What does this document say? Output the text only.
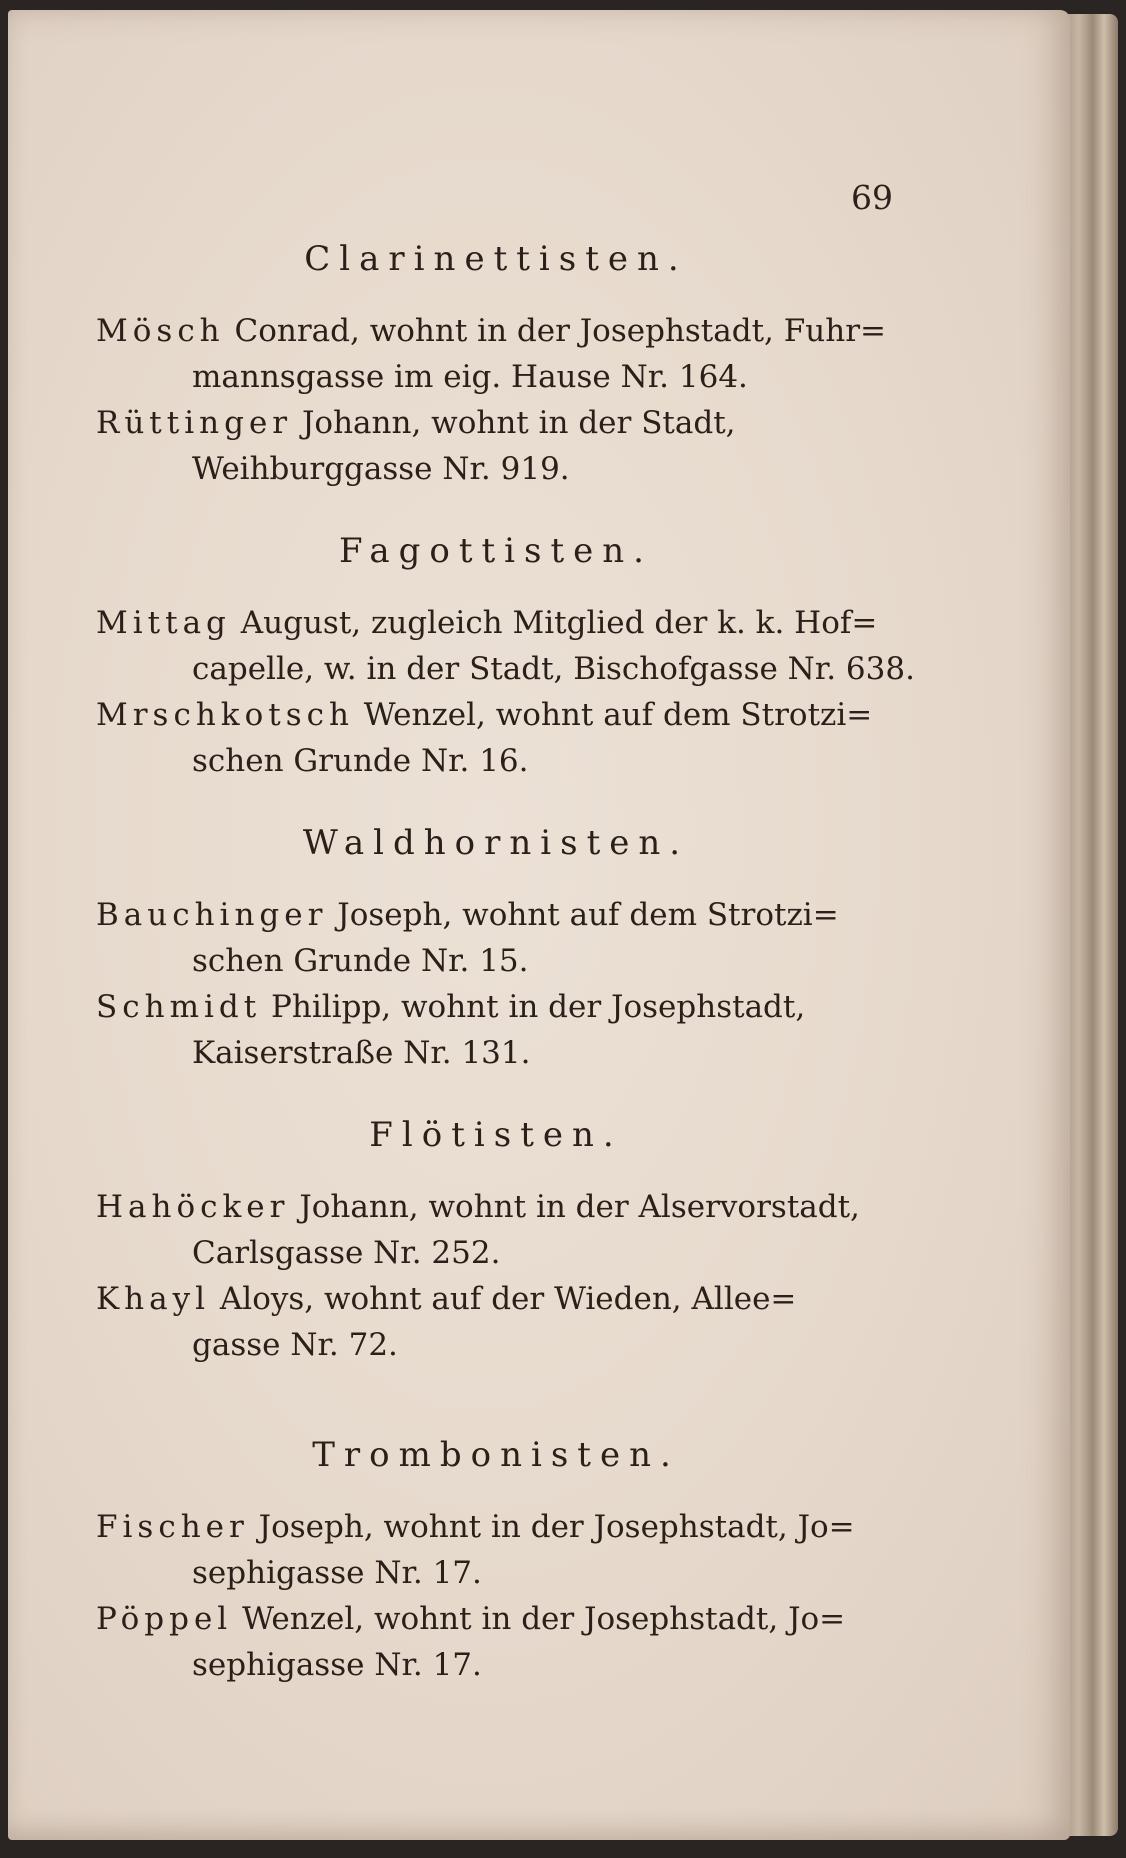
69
Clarinettisten.

Mösch Conrad, wohnt in der Josephstadt, Fuhr=
mannsgasse im eig. Hause Nr. 164.

Rüttinger Johann, wohnt in der Stadt,
Weihburggasse Nr. 919.

Fagottisten.

Mittag August, zugleich Mitglied der k. k. Hof=
capelle, w. in der Stadt, Bischofgasse Nr. 638.

Mrschkotsch Wenzel, wohnt auf dem Strotzi=
schen Grunde Nr. 16.

Waldhornisten.

Bauchinger Joseph, wohnt auf dem Strotzi=
schen Grunde Nr. 15.

Schmidt Philipp, wohnt in der Josephstadt,
Kaiserstraße Nr. 131.

Flötisten.

Hahöcker Johann, wohnt in der Alservorstadt,
Carlsgasse Nr. 252.

Khayl Aloys, wohnt auf der Wieden, Allee=
gasse Nr. 72.

Trombonisten.

Fischer Joseph, wohnt in der Josephstadt, Jo=
sephigasse Nr. 17.

Pöppel Wenzel, wohnt in der Josephstadt, Jo=
sephigasse Nr. 17.
